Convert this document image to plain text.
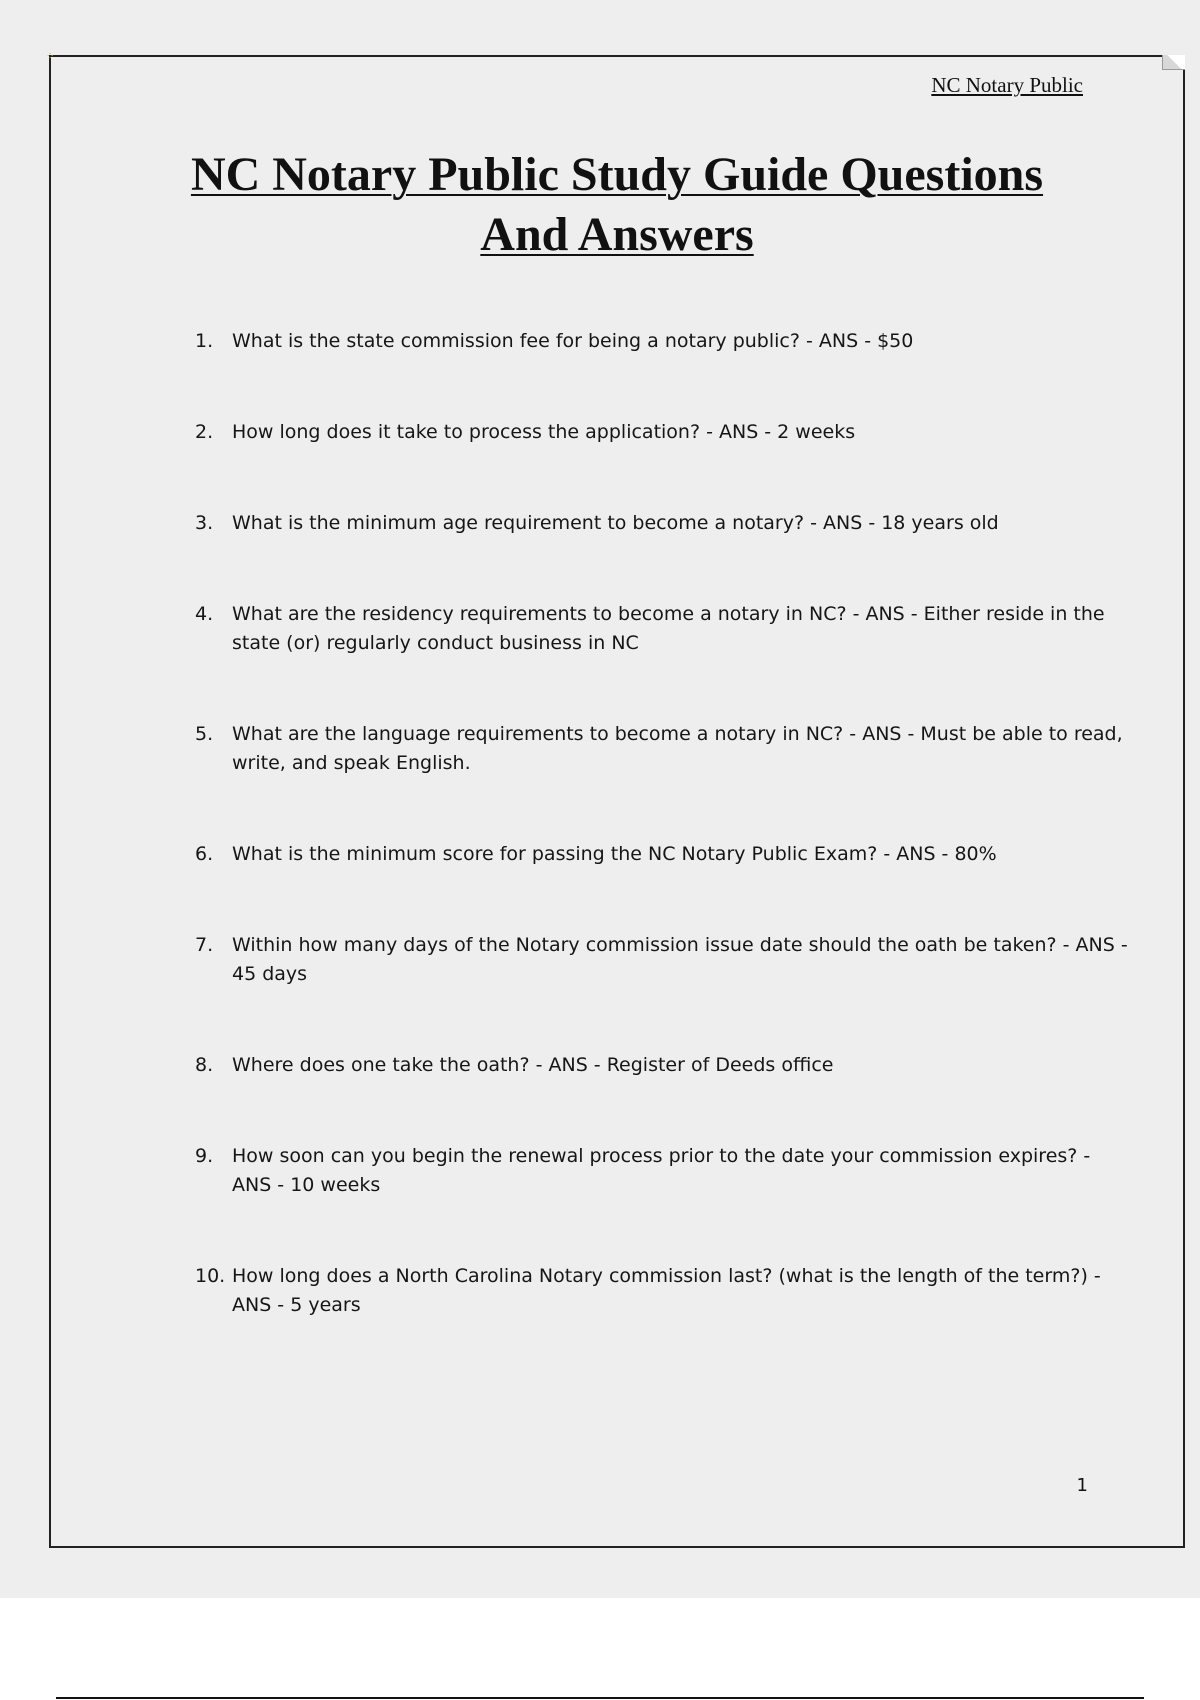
⁘
NC Notary Public
NC Notary Public Study Guide Questions
And Answers
1. What is the state commission fee for being a notary public? - ANS - $50
2. How long does it take to process the application? - ANS - 2 weeks
3. What is the minimum age requirement to become a notary? - ANS - 18 years old
4. What are the residency requirements to become a notary in NC? - ANS - Either reside in the state (or) regularly conduct business in NC
5. What are the language requirements to become a notary in NC? - ANS - Must be able to read, write, and speak English.
6. What is the minimum score for passing the NC Notary Public Exam? - ANS - 80%
7. Within how many days of the Notary commission issue date should the oath be taken? - ANS - 45 days
8. Where does one take the oath? - ANS - Register of Deeds office
9. How soon can you begin the renewal process prior to the date your commission expires? - ANS - 10 weeks
10. How long does a North Carolina Notary commission last? (what is the length of the term?) - ANS - 5 years
1
